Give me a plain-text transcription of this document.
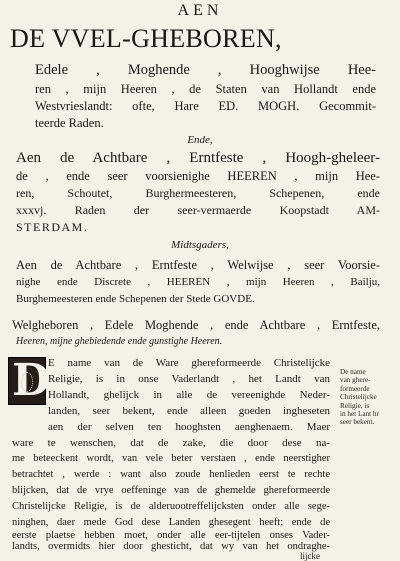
AEN
DE VVEL-GHEBOREN,
Edele , Moghende , Hooghwijse Hee-
ren , mijn Heeren , de Staten van Hollandt ende
Westvrieslandt: ofte, Hare ED. MOGH. Gecommit-
teerde Raden.
Ende,
Aen de Achtbare , Erntfeste , Hoogh-gheleer-
de , ende seer voorsienighe HEEREN , mijn Hee-
ren, Schoutet, Burghermeesteren, Schepenen, ende
xxxvj. Raden der seer-vermaerde Koopstadt AM-
STERDAM.
Midtsgaders,
Aen de Achtbare , Erntfeste , Welwijse , seer Voorsie-
nighe ende Discrete , HEEREN , mijn Heeren , Bailju,
Burghemeesteren ende Schepenen der Stede GOVDE.
Welgheboren , Edele Moghende , ende Achtbare , Erntfeste,
Heeren, mijne ghebiedende ende gunstighe Heeren.
D
E name van de Ware ghereformeerde Christelijcke
Religie, is in onse Vaderlandt , het Landt van
Hollandt, ghelijck in alle de vereenighde Neder-
landen, seer bekent, ende alleen goeden ingheseten
aen der selven ten hooghsten aenghenaem. Maer
ware te wenschen, dat de zake, die door dese na-
me beteeckent wordt, van vele beter verstaen , ende neerstigher
betrachtet , werde : want also zoude henlieden eerst te rechte
blijcken, dat de vrye oeffeninge van de ghemelde ghereformeerde
Christelijcke Religie, is de alderuootreffelijcksten onder alle sege-
ninghen, daer mede God dese Landen ghesegent heeft; ende de
eerste plaetse hebben moet, onder alle eer-tijtelen onses Vader-
landts, overmidts hier door ghesticht, dat wy van het ondraghe-
lijcke
De name
van ghere-
formeerde
Christelijcke
Religie, is
in het Lant hr
seer bekent.
